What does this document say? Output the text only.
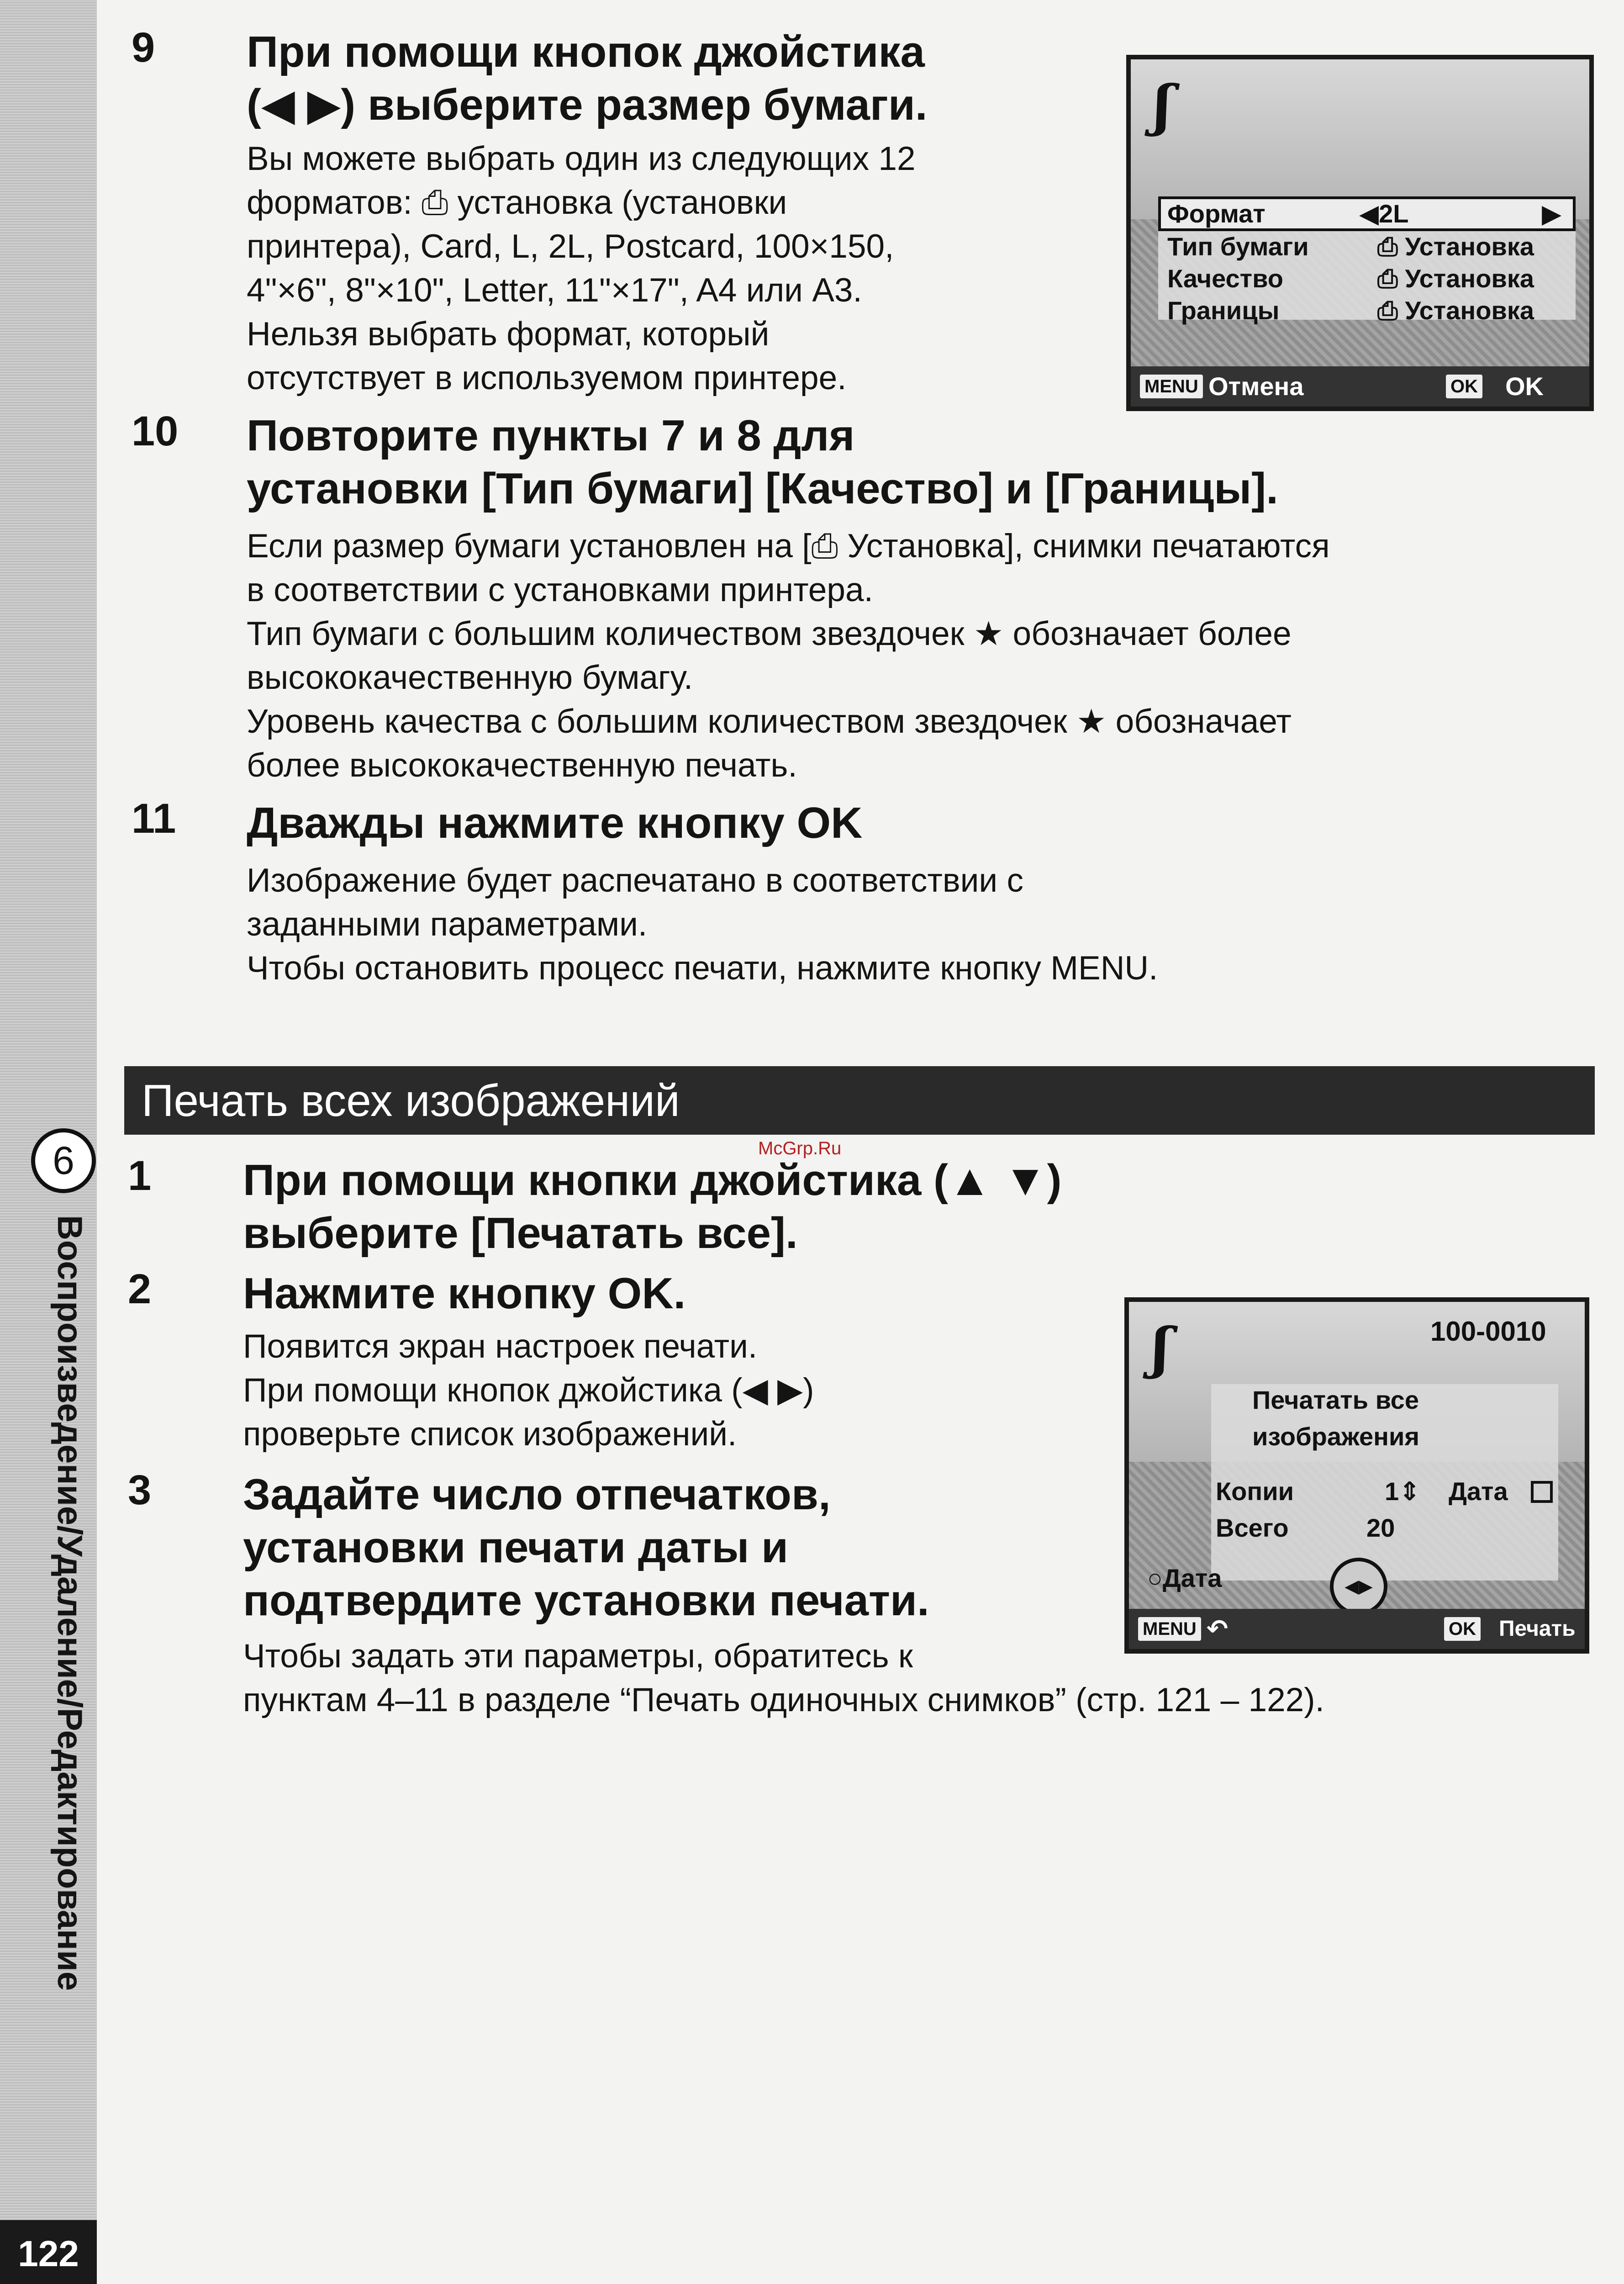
6
Воспроизведение/Удаление/Редактирование
122
9 При помощи кнопок джойстика
(◀ ▶) выберите размер бумаги.

Вы можете выбрать один из следующих 12

форматов: ⎙ установка (установки

принтера), Card, L, 2L, Postcard, 100×150,

4"×6", 8"×10", Letter, 11"×17", A4 или A3.

Нельзя выбрать формат, который

отсутствует в используемом принтере.

ʃ
Формат	◀2L	▶
Тип бумаги	⎙ Установка
Качество	⎙ Установка
Границы	⎙ Установка
MENU Отмена	OK OK
10 Повторите пункты 7 и 8 для
установки [Тип бумаги] [Качество] и [Границы].

Если размер бумаги установлен на [⎙ Установка], снимки печатаются

в соответствии с установками принтера.

Тип бумаги с большим количеством звездочек ★ обозначает более

высококачественную бумагу.

Уровень качества с большим количеством звездочек ★ обозначает

более высококачественную печать.

11 Дважды нажмите кнопку OK

Изображение будет распечатано в соответствии с

заданными параметрами.

Чтобы остановить процесс печати, нажмите кнопку MENU.

Печать всех изображений
McGrp.Ru
1 При помощи кнопки джойстика (▲ ▼)
выберите [Печатать все].
2 Нажмите кнопку OK.

Появится экран настроек печати.

При помощи кнопок джойстика (◀ ▶)

проверьте список изображений.

3 Задайте число отпечатков,
установки печати даты и
подтвердите установки печати.

Чтобы задать эти параметры, обратитесь к

пунктам 4–11 в разделе “Печать одиночных снимков” (стр. 121 – 122).

ʃ	100-0010
Печатать все
изображения
Копии	1⇕ Дата
Всего	20
○Дата	◀▶
MENU ↶	OK Печать
